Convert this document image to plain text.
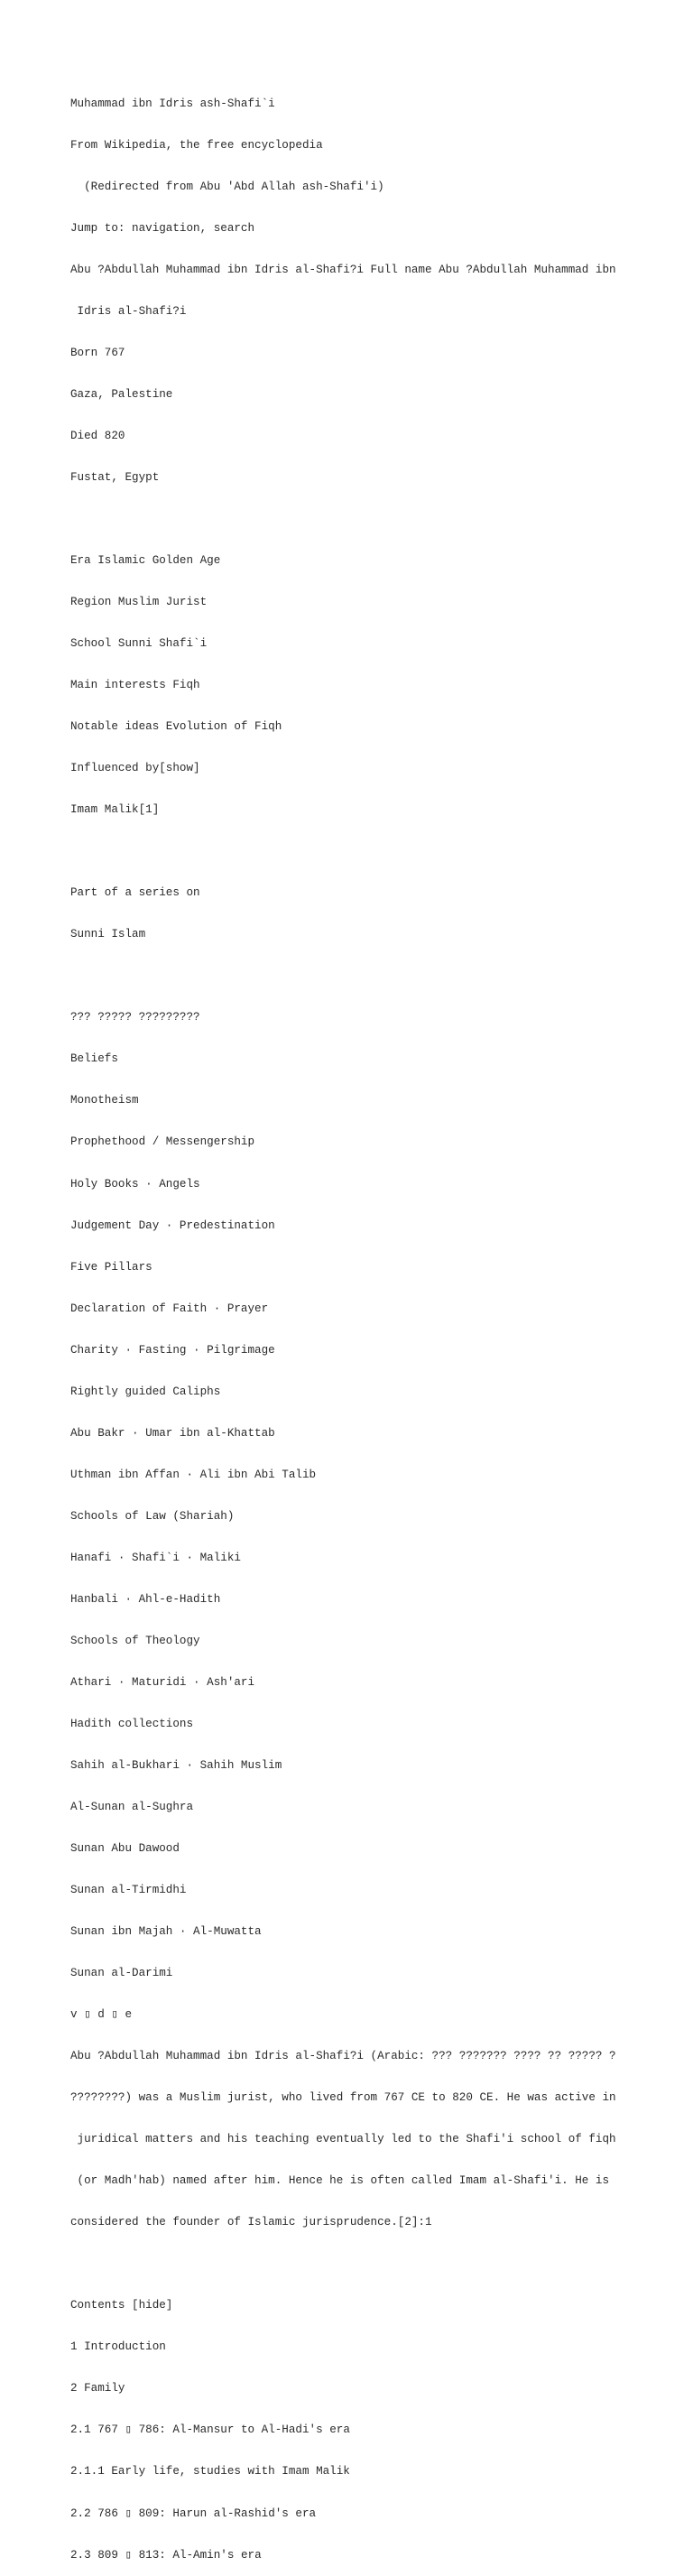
Muhammad ibn Idris ash-Shafi`i

From Wikipedia, the free encyclopedia

(Redirected from Abu 'Abd Allah ash-Shafi'i)

Jump to: navigation, search

Abu ?Abdullah Muhammad ibn Idris al-Shafi?i Full name Abu ?Abdullah Muhammad ibn

Idris al-Shafi?i

Born 767

Gaza, Palestine

Died 820

Fustat, Egypt

Era Islamic Golden Age

Region Muslim Jurist

School Sunni Shafi`i

Main interests Fiqh

Notable ideas Evolution of Fiqh

Influenced by[show]

Imam Malik[1]

Part of a series on

Sunni Islam

??? ????? ?????????

Beliefs

Monotheism

Prophethood / Messengership

Holy Books · Angels

Judgement Day · Predestination

Five Pillars

Declaration of Faith · Prayer

Charity · Fasting · Pilgrimage

Rightly guided Caliphs

Abu Bakr · Umar ibn al-Khattab

Uthman ibn Affan · Ali ibn Abi Talib

Schools of Law (Shariah)

Hanafi · Shafi`i · Maliki

Hanbali · Ahl-e-Hadith

Schools of Theology

Athari · Maturidi · Ash'ari

Hadith collections

Sahih al-Bukhari · Sahih Muslim

Al-Sunan al-Sughra

Sunan Abu Dawood

Sunan al-Tirmidhi

Sunan ibn Majah · Al-Muwatta

Sunan al-Darimi

v ▯ d ▯ e

Abu ?Abdullah Muhammad ibn Idris al-Shafi?i (Arabic: ??? ??????? ???? ?? ????? ?

????????) was a Muslim jurist, who lived from 767 CE to 820 CE. He was active in

juridical matters and his teaching eventually led to the Shafi'i school of fiqh

(or Madh'hab) named after him. Hence he is often called Imam al-Shafi'i. He is

considered the founder of Islamic jurisprudence.[2]:1

Contents [hide]

1 Introduction

2 Family

2.1 767 ▯ 786: Al-Mansur to Al-Hadi's era

2.1.1 Early life, studies with Imam Malik

2.2 786 ▯ 809: Harun al-Rashid's era

2.3 809 ▯ 813: Al-Amin's era
